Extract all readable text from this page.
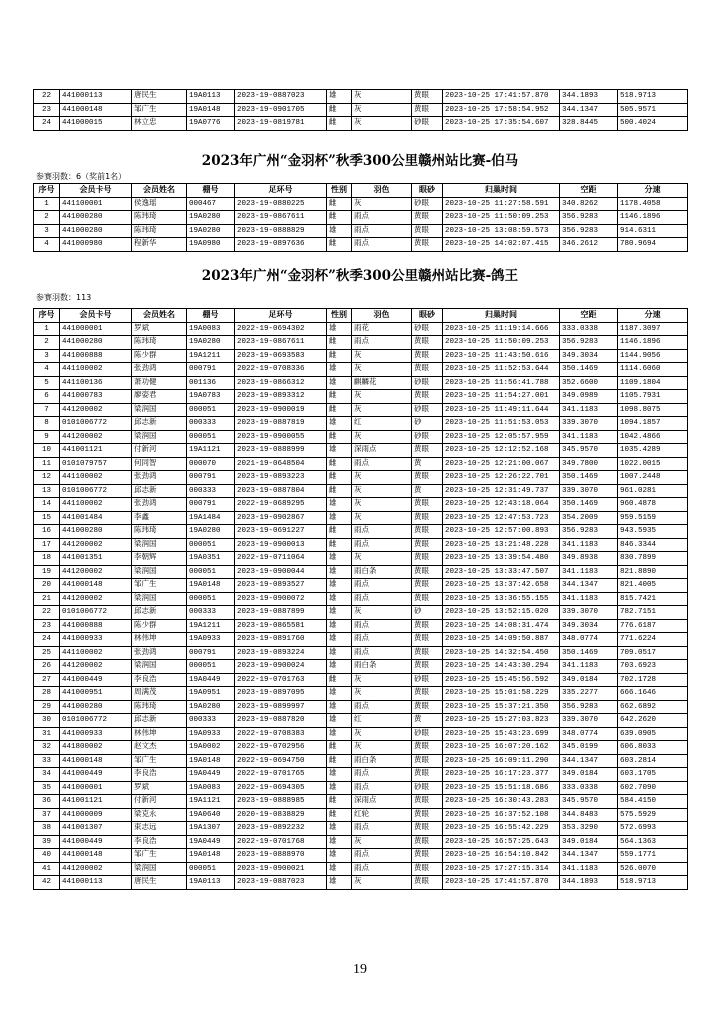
22	441000113	唐民生	19A0113	2023-19-0887023	雄	灰	黄眼	2023-10-25 17:41:57.870	344.1893	518.9713
23	441000148	邹广生	19A0148	2023-19-0901705	雌	灰	黄眼	2023-10-25 17:58:54.952	344.1347	505.9571
24	441000015	林立忠	19A0776	2023-19-0819781	雌	灰	砂眼	2023-10-25 17:35:54.607	328.8445	500.4024
2023年广州“金羽杯”秋季300公里赣州站比赛-伯马
参赛羽数：6（奖前1名）
序号	会员卡号	会员姓名	棚号	足环号	性别	羽色	眼砂	归巢时间	空距	分速
1	441100001	侯逸瑶	000467	2023-19-0880225	雌	灰	砂眼	2023-10-25 11:27:58.591	340.8262	1178.4058
2	441000280	陈玮琦	19A0280	2023-19-0867611	雌	雨点	黄眼	2023-10-25 11:50:09.253	356.9283	1146.1896
3	441000280	陈玮琦	19A0280	2023-19-0888829	雄	雨点	黄眼	2023-10-25 13:08:59.573	356.9283	914.6311
4	441000980	程新华	19A0980	2023-19-0897636	雌	雨点	黄眼	2023-10-25 14:02:07.415	346.2612	780.9694
2023年广州“金羽杯”秋季300公里赣州站比赛-鸽王
参赛羽数：113
序号	会员卡号	会员姓名	棚号	足环号	性别	羽色	眼砂	归巢时间	空距	分速
1	441000001	罗斌	19A0083	2022-19-0694302	雄	雨花	砂眼	2023-10-25 11:19:14.666	333.0338	1187.3097
2	441000280	陈玮琦	19A0280	2023-19-0867611	雌	雨点	黄眼	2023-10-25 11:50:09.253	356.9283	1146.1896
3	441000888	陈少群	19A1211	2023-19-0693583	雌	灰	黄眼	2023-10-25 11:43:50.616	349.3034	1144.9056
4	441100002	张劲鸿	000791	2022-19-0708336	雄	灰	黄眼	2023-10-25 11:52:53.644	350.1469	1114.6060
5	441100136	萧功健	001136	2023-19-0866312	雄	麒麟花	砂眼	2023-10-25 11:56:41.788	352.6600	1109.1804
6	441000783	廖姿君	19A0783	2023-19-0893312	雌	灰	黄眼	2023-10-25 11:54:27.001	349.0989	1105.7931
7	441200002	梁润国	000051	2023-19-0900019	雌	灰	砂眼	2023-10-25 11:49:11.644	341.1183	1098.8075
8	0101006772	邱志新	000333	2023-19-0887819	雄	红	砂	2023-10-25 11:51:53.053	339.3070	1094.1857
9	441200002	梁润国	000051	2023-19-0900055	雌	灰	砂眼	2023-10-25 12:05:57.959	341.1183	1042.4866
10	441001121	付新河	19A1121	2023-19-0888999	雄	深雨点	黄眼	2023-10-25 12:12:52.168	345.9570	1035.4289
11	0101079757	何同智	000070	2021-19-0648504	雌	雨点	黄	2023-10-25 12:21:00.067	349.7800	1022.0015
12	441100002	张劲鸿	000791	2023-19-0893223	雌	灰	黄眼	2023-10-25 12:26:22.701	350.1469	1007.2448
13	0101006772	邱志新	000333	2023-19-0887804	雌	灰	黄	2023-10-25 12:31:49.737	339.3070	961.0281
14	441100002	张劲鸿	000791	2022-19-0689295	雄	灰	黄眼	2023-10-25 12:43:18.064	350.1469	960.4878
15	441001484	李鑫	19A1484	2023-19-0902867	雄	灰	黄眼	2023-10-25 12:47:53.723	354.2009	959.5159
16	441000280	陈玮琦	19A0280	2023-19-0691227	雌	雨点	黄眼	2023-10-25 12:57:00.893	356.9283	943.5935
17	441200002	梁润国	000051	2023-19-0900013	雌	雨点	黄眼	2023-10-25 13:21:48.228	341.1183	846.3344
18	441001351	李朝辉	19A0351	2022-19-0711064	雄	灰	黄眼	2023-10-25 13:39:54.480	349.8938	830.7899
19	441200002	梁润国	000051	2023-19-0900044	雄	雨白条	黄眼	2023-10-25 13:33:47.507	341.1183	821.8890
20	441000148	邹广生	19A0148	2023-19-0893527	雄	雨点	黄眼	2023-10-25 13:37:42.658	344.1347	821.4005
21	441200002	梁润国	000051	2023-19-0900072	雄	雨点	黄眼	2023-10-25 13:36:55.155	341.1183	815.7421
22	0101006772	邱志新	000333	2023-19-0887899	雄	灰	砂	2023-10-25 13:52:15.020	339.3070	782.7151
23	441000888	陈少群	19A1211	2023-19-0865581	雄	雨点	黄眼	2023-10-25 14:08:31.474	349.3034	776.6187
24	441000933	林伟坤	19A0933	2023-19-0891760	雄	雨点	黄眼	2023-10-25 14:09:50.887	348.0774	771.6224
25	441100002	张劲鸿	000791	2023-19-0893224	雄	雨点	黄眼	2023-10-25 14:32:54.450	350.1469	709.0517
26	441200002	梁润国	000051	2023-19-0900024	雄	雨白条	黄眼	2023-10-25 14:43:30.294	341.1183	703.6923
27	441000449	李良浩	19A0449	2022-19-0701763	雌	灰	砂眼	2023-10-25 15:45:56.592	349.0184	702.1728
28	441000951	周满茂	19A0951	2023-19-0897095	雄	灰	黄眼	2023-10-25 15:01:58.229	335.2277	666.1646
29	441000280	陈玮琦	19A0280	2023-19-0899997	雄	雨点	黄眼	2023-10-25 15:37:21.350	356.9283	662.6892
30	0101006772	邱志新	000333	2023-19-0887820	雄	红	黄	2023-10-25 15:27:03.823	339.3070	642.2620
31	441000933	林伟坤	19A0933	2022-19-0708383	雄	灰	砂眼	2023-10-25 15:43:23.699	348.0774	639.0905
32	441800002	赵文杰	19A0002	2022-19-0702956	雌	灰	黄眼	2023-10-25 16:07:20.162	345.0199	606.8033
33	441000148	邹广生	19A0148	2022-19-0694750	雌	雨白条	黄眼	2023-10-25 16:09:11.290	344.1347	603.2814
34	441000449	李良浩	19A0449	2022-19-0701765	雄	雨点	黄眼	2023-10-25 16:17:23.377	349.0184	603.1705
35	441000001	罗斌	19A0083	2022-19-0694305	雄	雨点	砂眼	2023-10-25 15:51:18.686	333.0338	602.7090
36	441001121	付新河	19A1121	2023-19-0888985	雌	深雨点	黄眼	2023-10-25 16:30:43.283	345.9570	584.4150
37	441000009	梁克永	19A0640	2020-19-0838829	雌	红轮	黄眼	2023-10-25 16:37:52.108	344.8483	575.5929
38	441001307	束志远	19A1307	2023-19-0892232	雄	雨点	黄眼	2023-10-25 16:55:42.229	353.3290	572.6993
39	441000449	李良浩	19A0449	2022-19-0701768	雄	灰	黄眼	2023-10-25 16:57:25.643	349.0184	564.1363
40	441000148	邹广生	19A0148	2023-19-0888970	雄	雨点	黄眼	2023-10-25 16:54:10.842	344.1347	559.1771
41	441200002	梁润国	000051	2023-19-0900021	雄	雨点	黄眼	2023-10-25 17:27:15.314	341.1183	526.0070
42	441000113	唐民生	19A0113	2023-19-0887023	雄	灰	黄眼	2023-10-25 17:41:57.870	344.1893	518.9713
19
